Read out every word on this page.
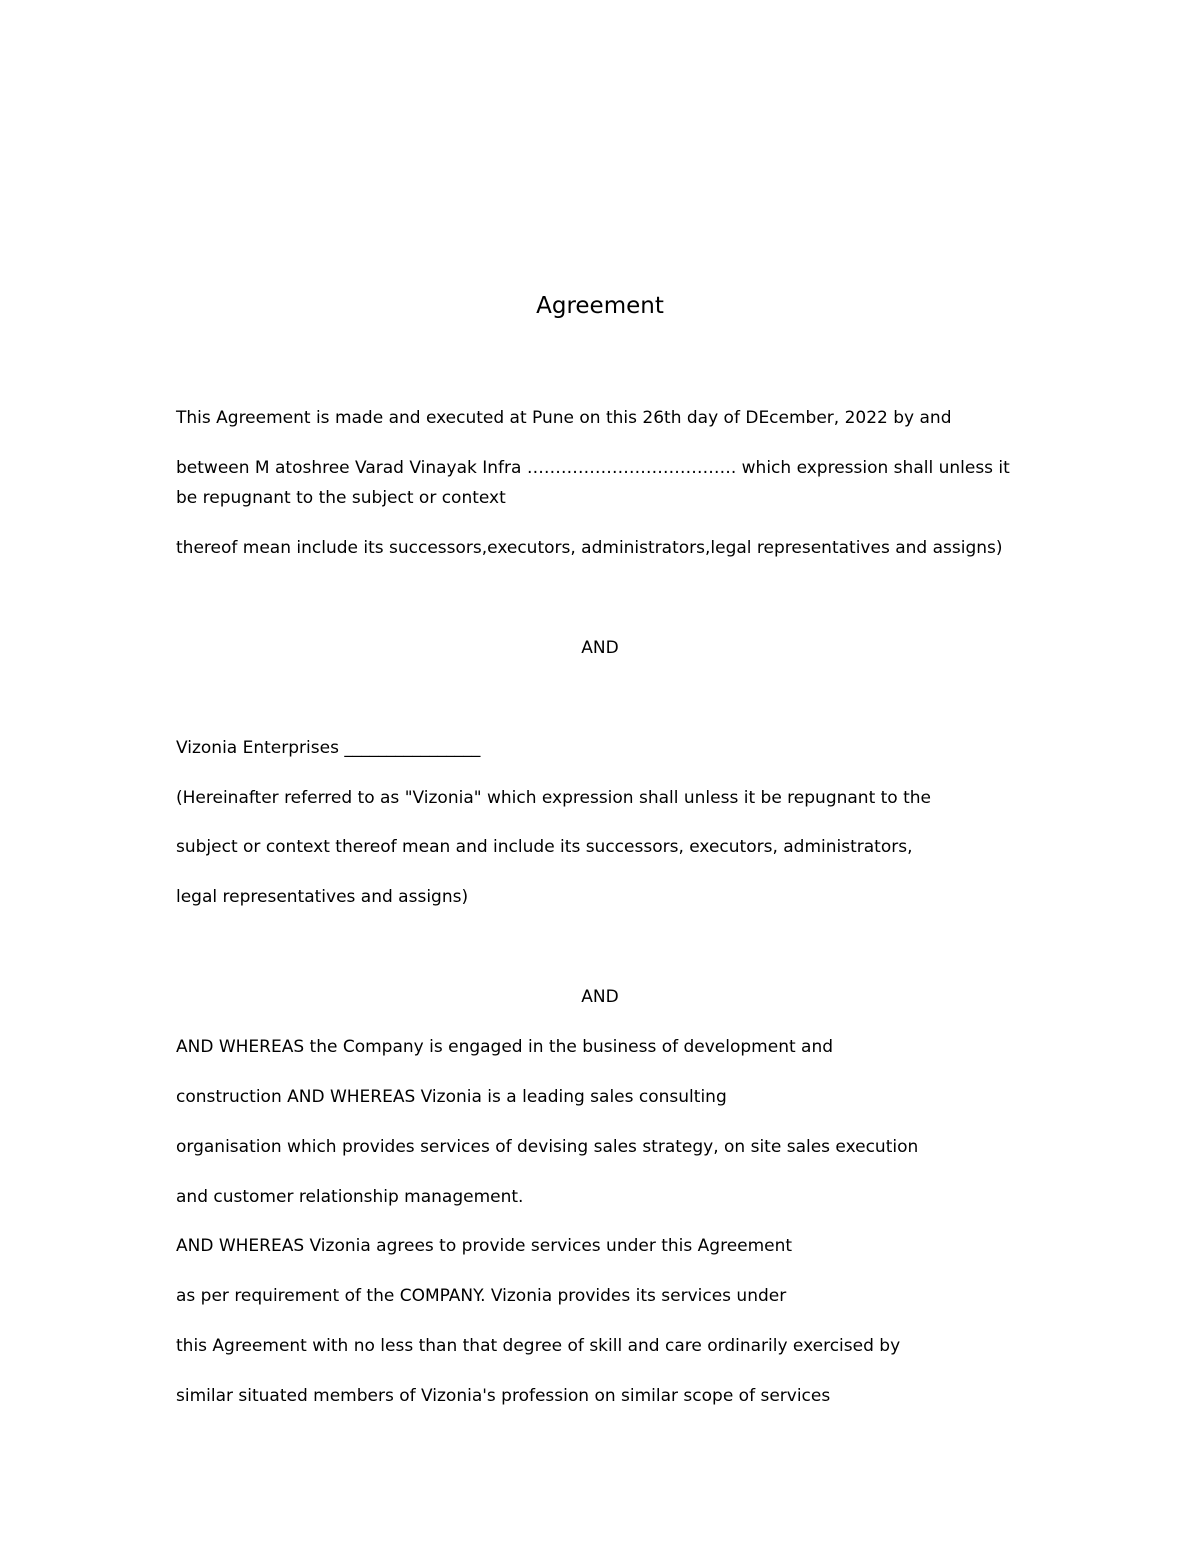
Agreement
This Agreement is made and executed at Pune on this 26th day of DEcember, 2022 by and
between M atoshree Varad Vinayak Infra ………………………………. which expression shall unless it
be repugnant to the subject or context
thereof mean include its successors,executors, administrators,legal representatives and assigns)
AND
Vizonia Enterprises ________________
(Hereinafter referred to as "Vizonia" which expression shall unless it be repugnant to the
subject or context thereof mean and include its successors, executors, administrators,
legal representatives and assigns)
AND
AND WHEREAS the Company is engaged in the business of development and
construction AND WHEREAS Vizonia is a leading sales consulting
organisation which provides services of devising sales strategy, on site sales execution
and customer relationship management.
AND WHEREAS Vizonia agrees to provide services under this Agreement
as per requirement of the COMPANY. Vizonia provides its services under
this Agreement with no less than that degree of skill and care ordinarily exercised by
similar situated members of Vizonia's profession on similar scope of services
